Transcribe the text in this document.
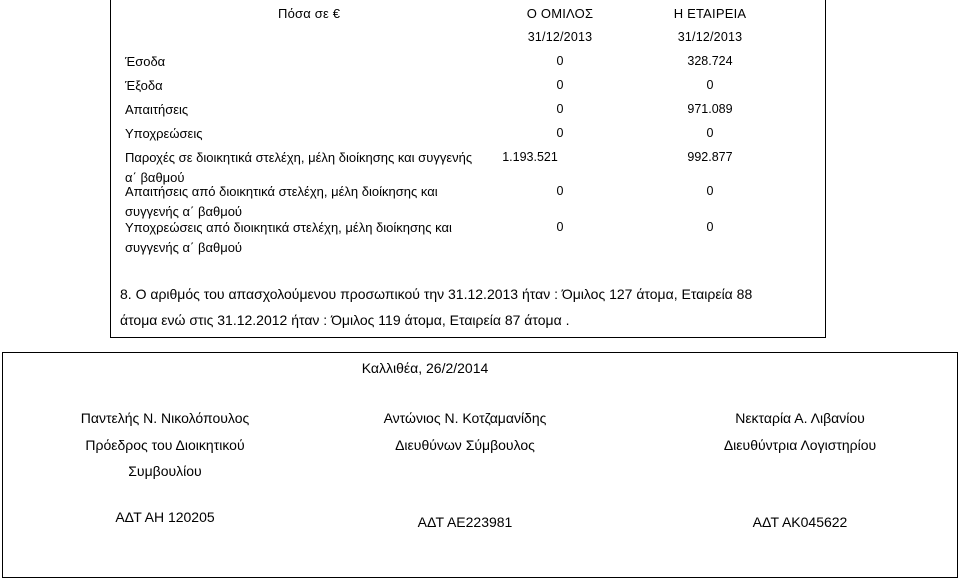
Πόσα σε €	Ο ΟΜΙΛΟΣ	Η ΕΤΑΙΡΕΙΑ
31/12/2013	31/12/2013
Έσοδα	0	328.724
Έξοδα	0	0
Απαιτήσεις	0	971.089
Υποχρεώσεις	0	0
Παροχές σε διοικητικά στελέχη, μέλη διοίκησης και συγγενής
α΄ βαθμού
1.193.521	992.877
Απαιτήσεις από διοικητικά στελέχη, μέλη διοίκησης και
συγγενής α΄ βαθμού
0	0
Υποχρεώσεις από διοικητικά στελέχη, μέλη διοίκησης και
συγγενής α΄ βαθμού
0	0
8. Ο αριθμός του απασχολούμενου προσωπικού την 31.12.2013 ήταν : Όμιλος 127 άτομα, Εταιρεία 88
άτομα ενώ στις 31.12.2012 ήταν : Όμιλος 119 άτομα, Εταιρεία 87 άτομα .
Καλλιθέα, 26/2/2014
Παντελής Ν. Νικολόπουλος
Πρόεδρος του Διοικητικού
Συμβουλίου
ΑΔΤ ΑΗ 120205
Αντώνιος Ν. Κοτζαμανίδης
Διευθύνων Σύμβουλος
ΑΔΤ ΑΕ223981
Νεκταρία Α. Λιβανίου
Διευθύντρια Λογιστηρίου
ΑΔΤ ΑΚ045622
